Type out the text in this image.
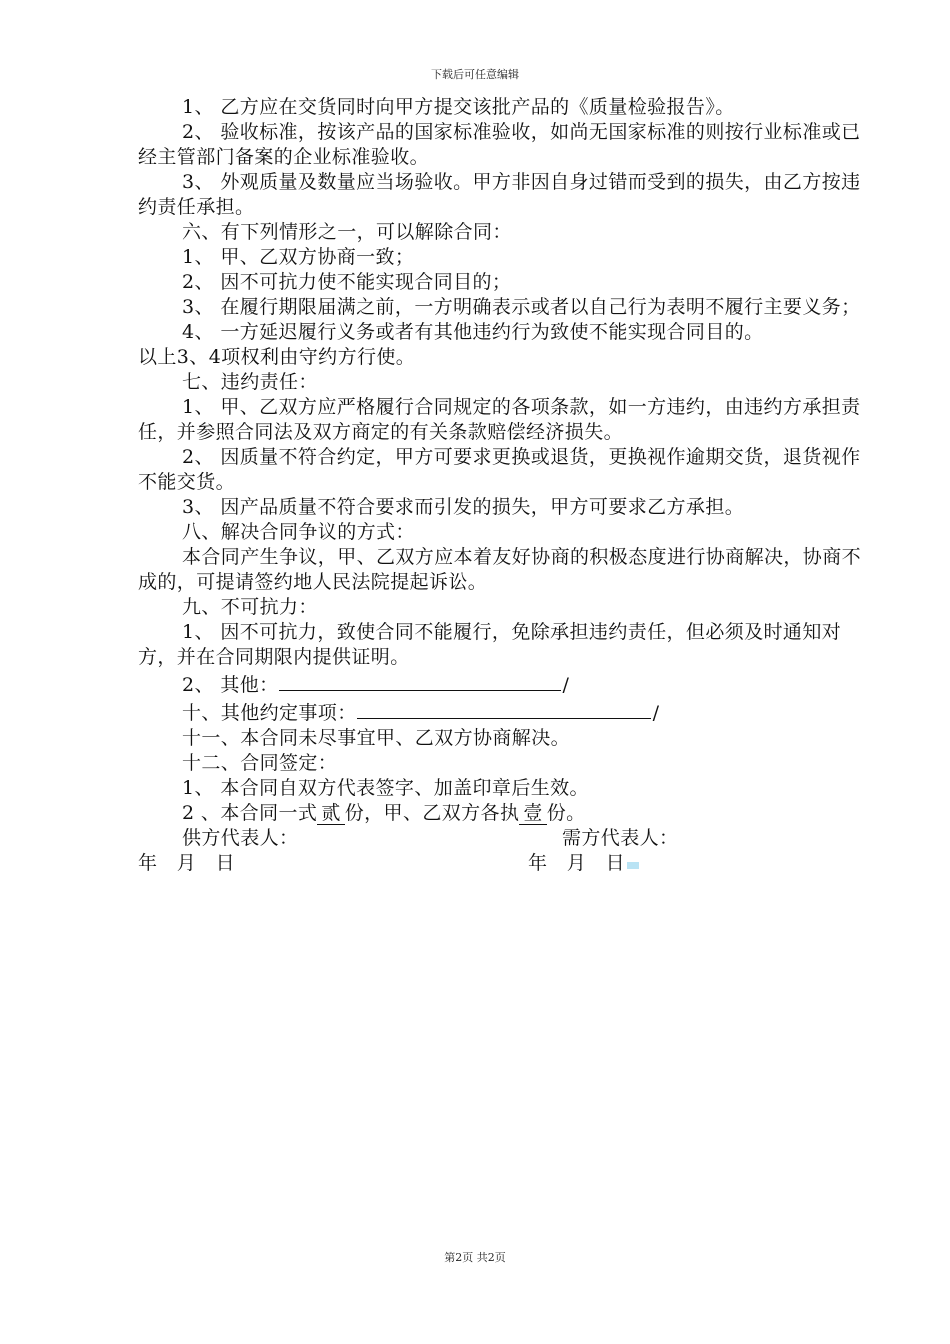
下载后可任意编辑
1、 乙方应在交货同时向甲方提交该批产品的《质量检验报告》。
2、 验收标准，按该产品的国家标准验收，如尚无国家标准的则按行业标准或已经主管部门备案的企业标准验收。
3、 外观质量及数量应当场验收。甲方非因自身过错而受到的损失，由乙方按违约责任承担。
六、有下列情形之一，可以解除合同：
1、 甲、乙双方协商一致；
2、 因不可抗力使不能实现合同目的；
3、 在履行期限届满之前，一方明确表示或者以自己行为表明不履行主要义务；
4、 一方延迟履行义务或者有其他违约行为致使不能实现合同目的。
以上3、4项权利由守约方行使。
七、违约责任：
1、 甲、乙双方应严格履行合同规定的各项条款，如一方违约，由违约方承担责任，并参照合同法及双方商定的有关条款赔偿经济损失。
2、 因质量不符合约定，甲方可要求更换或退货，更换视作逾期交货，退货视作不能交货。
3、 因产品质量不符合要求而引发的损失，甲方可要求乙方承担。
八、解决合同争议的方式：
本合同产生争议，甲、乙双方应本着友好协商的积极态度进行协商解决，协商不成的，可提请签约地人民法院提起诉讼。
九、不可抗力：
1、 因不可抗力，致使合同不能履行，免除承担违约责任，但必须及时通知对方，并在合同期限内提供证明。
2、 其他：	/
十、其他约定事项：	/
十一、本合同未尽事宜甲、乙双方协商解决。
十二、合同签定：
1、 本合同自双方代表签字、加盖印章后生效。
2 、本合同一式 贰 份，甲、乙双方各执 壹 份。
供方代表人：	需方代表人：
年　月　日	年　月　日
第2页 共2页
